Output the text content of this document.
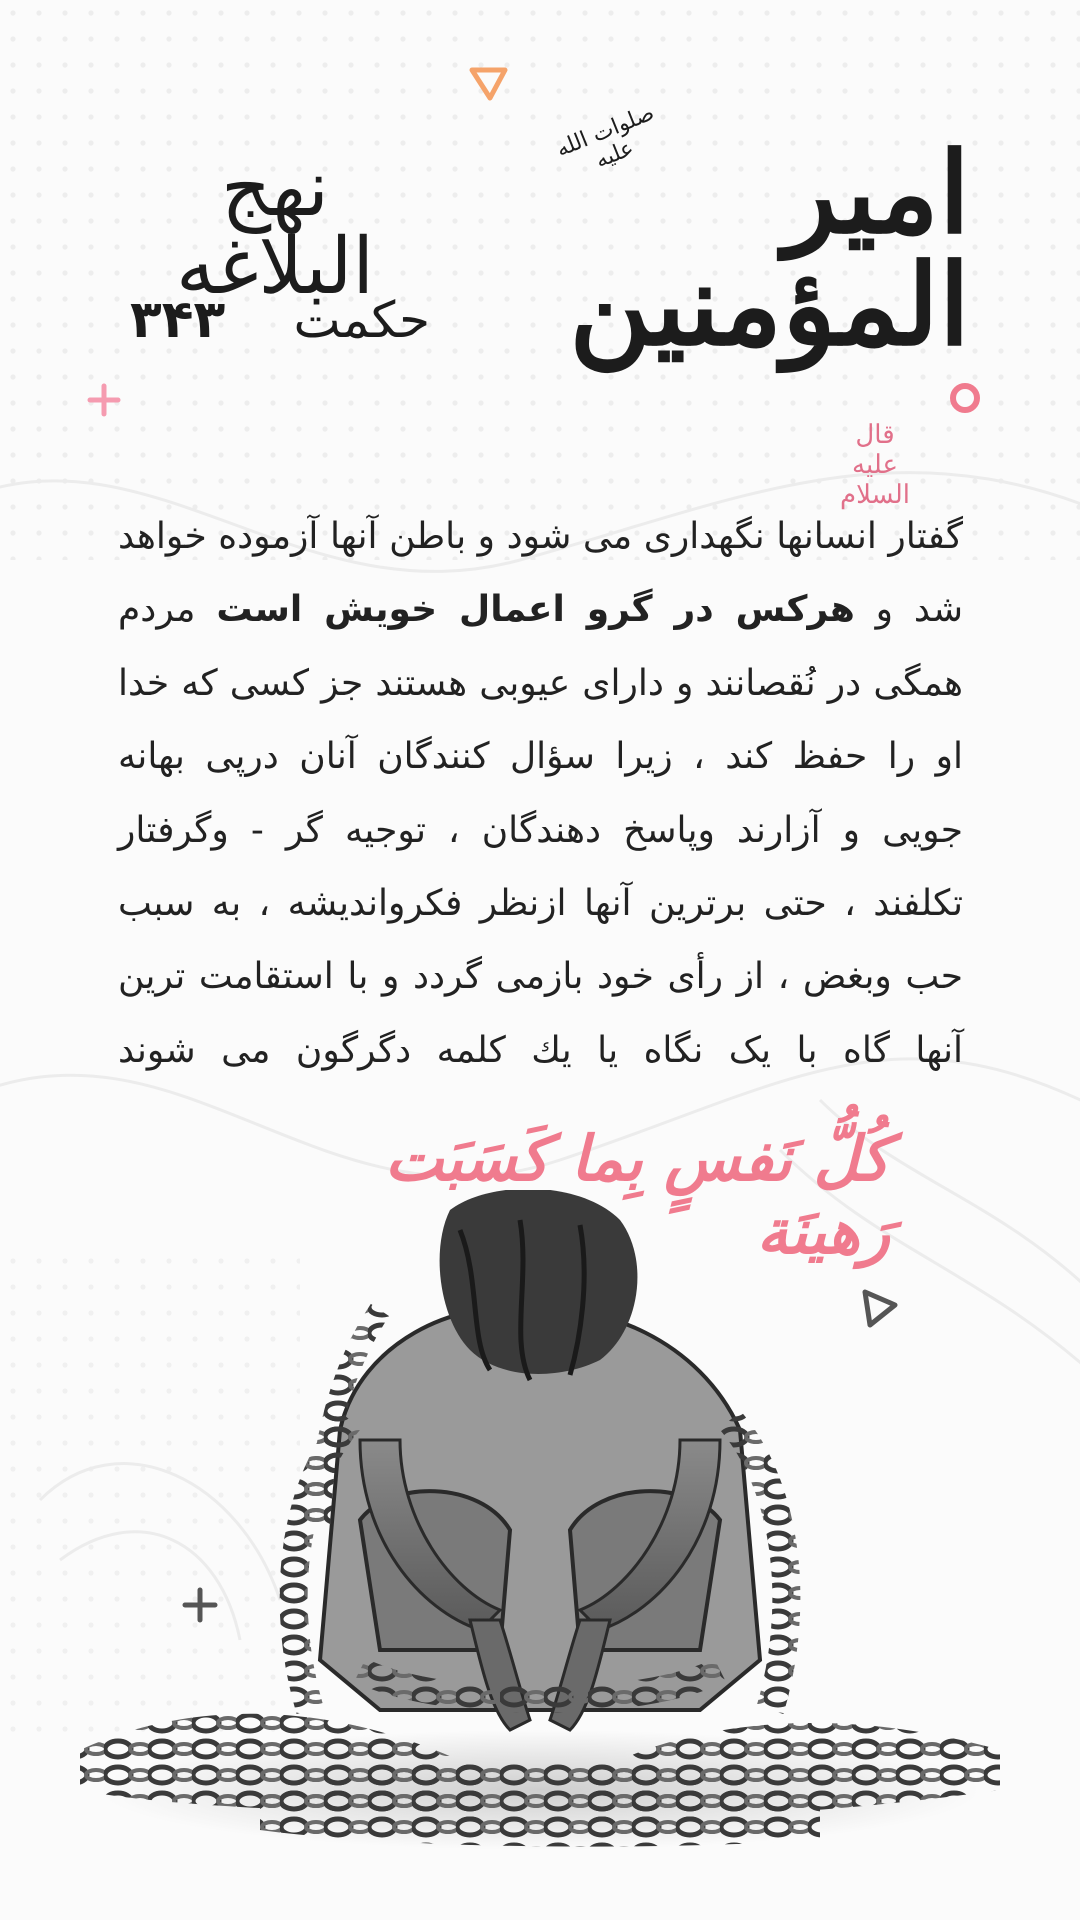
صلوات الله علیه	امیر المؤمنین
نهج البلاغه
حکمت
۳۴۳
قال علیه السلام
گفتار انسانها نگهداری می شود و باطن آنها آزموده خواهد شد و هرکس در گرو اعمال خویش است مردم همگی در نُقصانند و دارای عیوبی هستند جز کسی که خدا او را حفظ کند ، زیرا سؤال کنندگان آنان درپی بهانه جویی و آزارند وپاسخ دهندگان ، توجیه گر - وگرفتار تکلفند ، حتی برترین آنها ازنظر فکرواندیشه ، به سبب حب وبغض ، از رأی خود بازمی گردد و با استقامت ترین آنها گاه با یک نگاه یا یك کلمه دگرگون می شوند
کُلُّ نَفسٍ بِما کَسَبَت رَهینَة
